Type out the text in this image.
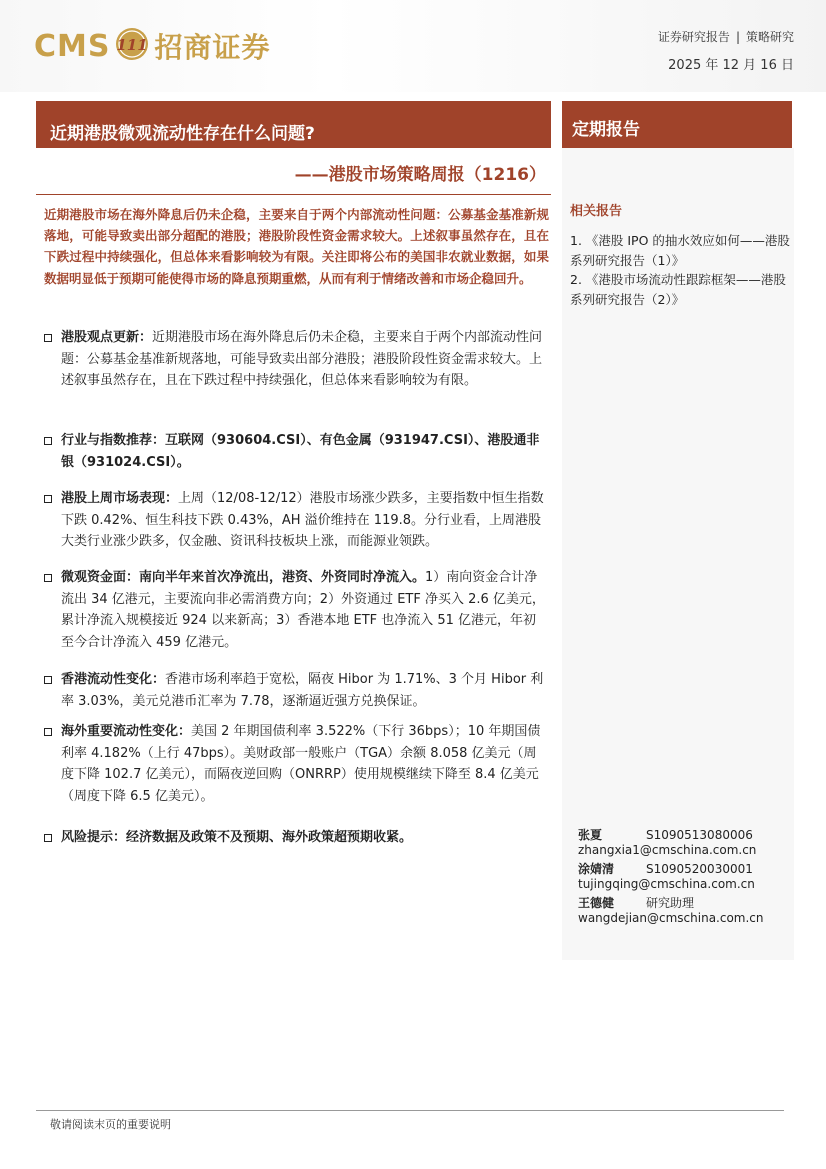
CMS 111 招商证券	证券研究报告 | 策略研究
2025 年 12 月 16 日
近期港股微观流动性存在什么问题?	定期报告
——港股市场策略周报（1216）
近期港股市场在海外降息后仍未企稳，主要来自于两个内部流动性问题：公募基金基准新规落地，可能导致卖出部分超配的港股；港股阶段性资金需求较大。上述叙事虽然存在，且在下跌过程中持续强化，但总体来看影响较为有限。关注即将公布的美国非农就业数据，如果数据明显低于预期可能使得市场的降息预期重燃，从而有利于情绪改善和市场企稳回升。
港股观点更新：近期港股市场在海外降息后仍未企稳，主要来自于两个内部流动性问题：公募基金基准新规落地，可能导致卖出部分港股；港股阶段性资金需求较大。上述叙事虽然存在，且在下跌过程中持续强化，但总体来看影响较为有限。
行业与指数推荐：互联网（930604.CSI）、有色金属（931947.CSI）、港股通非银（931024.CSI）。
港股上周市场表现：上周（12/08-12/12）港股市场涨少跌多，主要指数中恒生指数下跌 0.42%、恒生科技下跌 0.43%，AH 溢价维持在 119.8。分行业看，上周港股大类行业涨少跌多，仅金融、资讯科技板块上涨，而能源业领跌。
微观资金面：南向半年来首次净流出，港资、外资同时净流入。1）南向资金合计净流出 34 亿港元，主要流向非必需消费方向；2）外资通过 ETF 净买入 2.6 亿美元，累计净流入规模接近 924 以来新高；3）香港本地 ETF 也净流入 51 亿港元，年初至今合计净流入 459 亿港元。
香港流动性变化：香港市场利率趋于宽松，隔夜 Hibor 为 1.71%、3 个月 Hibor 利率 3.03%，美元兑港币汇率为 7.78，逐渐逼近强方兑换保证。
海外重要流动性变化：美国 2 年期国债利率 3.522%（下行 36bps）；10 年期国债利率 4.182%（上行 47bps）。美财政部一般账户（TGA）余额 8.058 亿美元（周度下降 102.7 亿美元），而隔夜逆回购（ONRRP）使用规模继续下降至 8.4 亿美元（周度下降 6.5 亿美元）。
风险提示：经济数据及政策不及预期、海外政策超预期收紧。
相关报告
1. 《港股 IPO 的抽水效应如何——港股系列研究报告（1）》
2. 《港股市场流动性跟踪框架——港股系列研究报告（2）》
张夏	S1090513080006
zhangxia1@cmschina.com.cn
涂婧清	S1090520030001
tujingqing@cmschina.com.cn
王德健	研究助理
wangdejian@cmschina.com.cn
敬请阅读末页的重要说明
